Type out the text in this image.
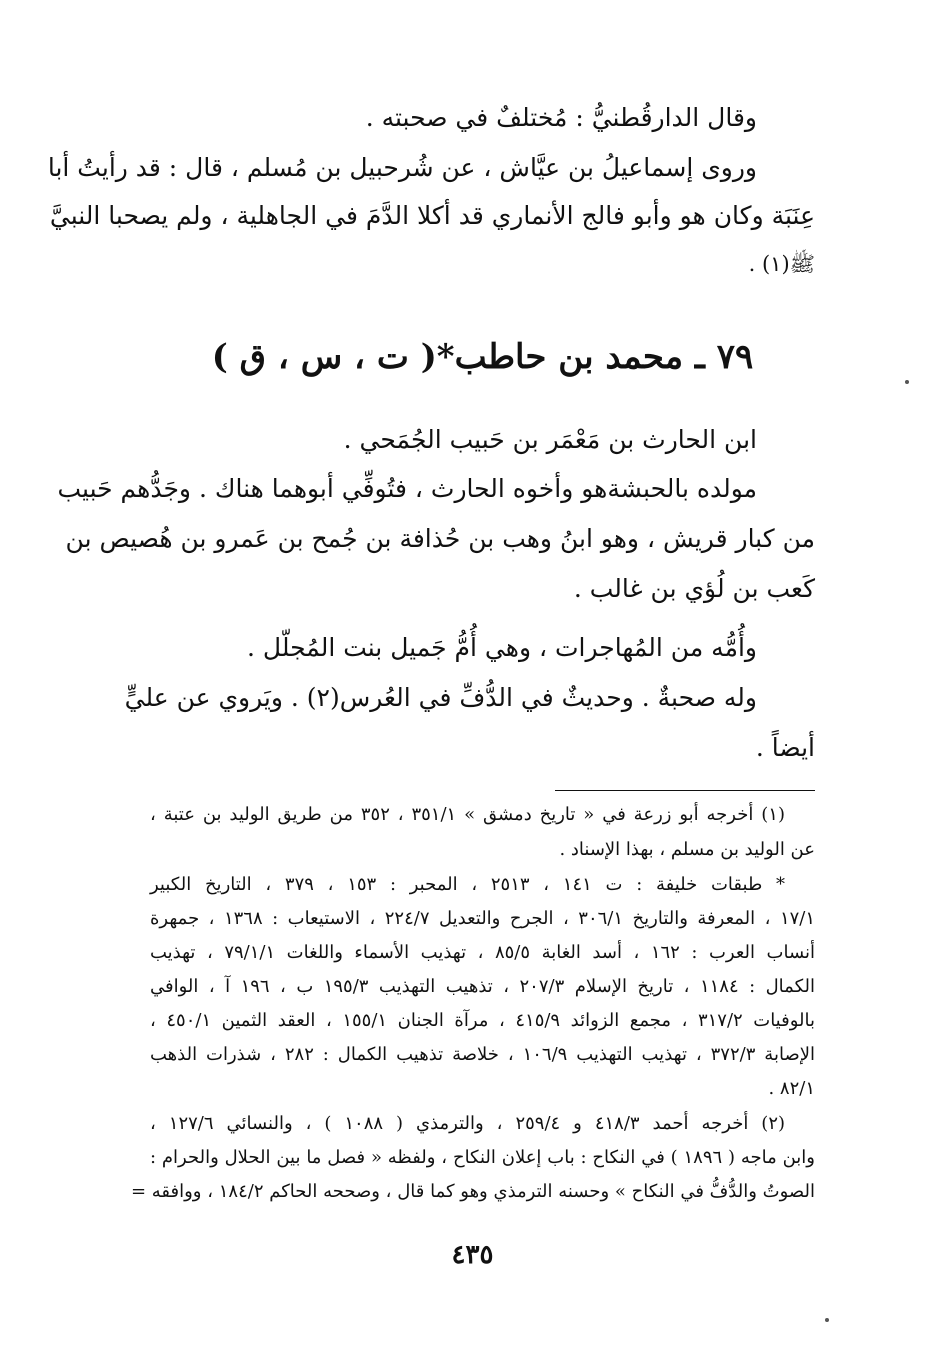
وقال الدارقُطنيُّ : مُختلفٌ في صحبته .
وروى إسماعيلُ بن عيَّاش ، عن شُرحبيل بن مُسلم ، قال : قد رأيتُ أبا
عِنَبَة وكان هو وأبو فالج الأنماري قد أكلا الدَّمَ في الجاهلية ، ولم يصحبا النبيَّ
ﷺ(١) .
٧٩ ـ محمد بن حاطب*( ت ، س ، ق )
ابن الحارث بن مَعْمَر بن حَبيب الجُمَحي .
مولده بالحبشةهو وأخوه الحارث ، فتُوفِّي أبوهما هناك . وجَدُّهم حَبيب
من كبار قريش ، وهو ابنُ وهب بن حُذافة بن جُمح بن عَمرو بن هُصيص بن
كَعب بن لُؤي بن غالب .
وأُمُّه من المُهاجرات ، وهي أُمُّ جَميل بنت المُجلّل .
وله صحبةٌ . وحديثٌ في الدُّفِّ في العُرس(٢) . ويَروي عن عليٍّ
أيضاً .
(١) أخرجه أبو زرعة في « تاريخ دمشق » ٣٥١/١ ، ٣٥٢ من طريق الوليد بن عتبة ،
عن الوليد بن مسلم ، بهذا الإسناد .
* طبقات خليفة : ت ١٤١ ، ٢٥١٣ ، المحبر : ١٥٣ ، ٣٧٩ ، التاريخ الكبير
١٧/١ ، المعرفة والتاريخ ٣٠٦/١ ، الجرح والتعديل ٢٢٤/٧ ، الاستيعاب : ١٣٦٨ ، جمهرة
أنساب العرب : ١٦٢ ، أسد الغابة ٨٥/٥ ، تهذيب الأسماء واللغات ٧٩/١/١ ، تهذيب
الكمال : ١١٨٤ ، تاريخ الإسلام ٢٠٧/٣ ، تذهيب التهذيب ١٩٥/٣ ب ، ١٩٦ آ ، الوافي
بالوفيات ٣١٧/٢ ، مجمع الزوائد ٤١٥/٩ ، مرآة الجنان ١٥٥/١ ، العقد الثمين ٤٥٠/١ ،
الإصابة ٣٧٢/٣ ، تهذيب التهذيب ١٠٦/٩ ، خلاصة تذهيب الكمال : ٢٨٢ ، شذرات الذهب
٨٢/١ .
(٢) أخرجه أحمد ٤١٨/٣ و ٢٥٩/٤ ، والترمذي ( ١٠٨٨ ) ، والنسائي ١٢٧/٦ ،
وابن ماجه ( ١٨٩٦ ) في النكاح : باب إعلان النكاح ، ولفظه « فصل ما بين الحلال والحرام :
الصوتُ والدُّفُّ في النكاح » وحسنه الترمذي وهو كما قال ، وصححه الحاكم ١٨٤/٢ ، ووافقه =
٤٣٥
